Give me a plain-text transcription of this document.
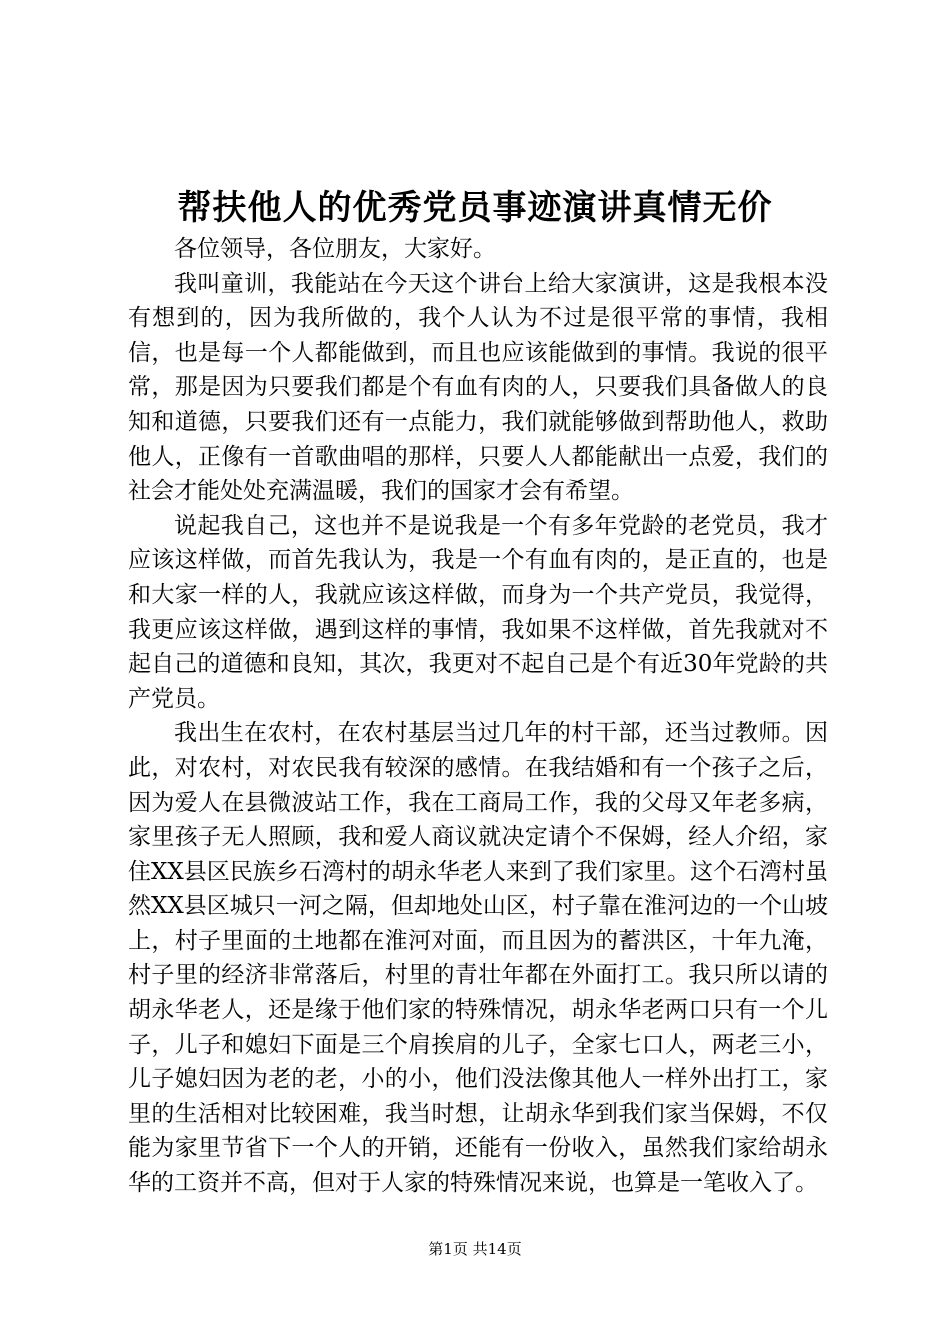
帮扶他人的优秀党员事迹演讲真情无价

各位领导，各位朋友，大家好。

我叫童训，我能站在今天这个讲台上给大家演讲，这是我根本没有想到的，因为我所做的，我个人认为不过是很平常的事情，我相信，也是每一个人都能做到，而且也应该能做到的事情。我说的很平常，那是因为只要我们都是个有血有肉的人，只要我们具备做人的良知和道德，只要我们还有一点能力，我们就能够做到帮助他人，救助他人，正像有一首歌曲唱的那样，只要人人都能献出一点爱，我们的社会才能处处充满温暖，我们的国家才会有希望。

说起我自己，这也并不是说我是一个有多年党龄的老党员，我才应该这样做，而首先我认为，我是一个有血有肉的，是正直的，也是和大家一样的人，我就应该这样做，而身为一个共产党员，我觉得，我更应该这样做，遇到这样的事情，我如果不这样做，首先我就对不起自己的道德和良知，其次，我更对不起自己是个有近30年党龄的共产党员。

我出生在农村，在农村基层当过几年的村干部，还当过教师。因此，对农村，对农民我有较深的感情。在我结婚和有一个孩子之后，因为爱人在县微波站工作，我在工商局工作，我的父母又年老多病，家里孩子无人照顾，我和爱人商议就决定请个不保姆，经人介绍，家住XX县区民族乡石湾村的胡永华老人来到了我们家里。这个石湾村虽然XX县区城只一河之隔，但却地处山区，村子靠在淮河边的一个山坡上，村子里面的土地都在淮河对面，而且因为的蓄洪区，十年九淹，村子里的经济非常落后，村里的青壮年都在外面打工。我只所以请的胡永华老人，还是缘于他们家的特殊情况，胡永华老两口只有一个儿子，儿子和媳妇下面是三个肩挨肩的儿子，全家七口人，两老三小，儿子媳妇因为老的老，小的小，他们没法像其他人一样外出打工，家里的生活相对比较困难，我当时想，让胡永华到我们家当保姆，不仅能为家里节省下一个人的开销，还能有一份收入，虽然我们家给胡永华的工资并不高，但对于人家的特殊情况来说，也算是一笔收入了。

第1页 共14页
